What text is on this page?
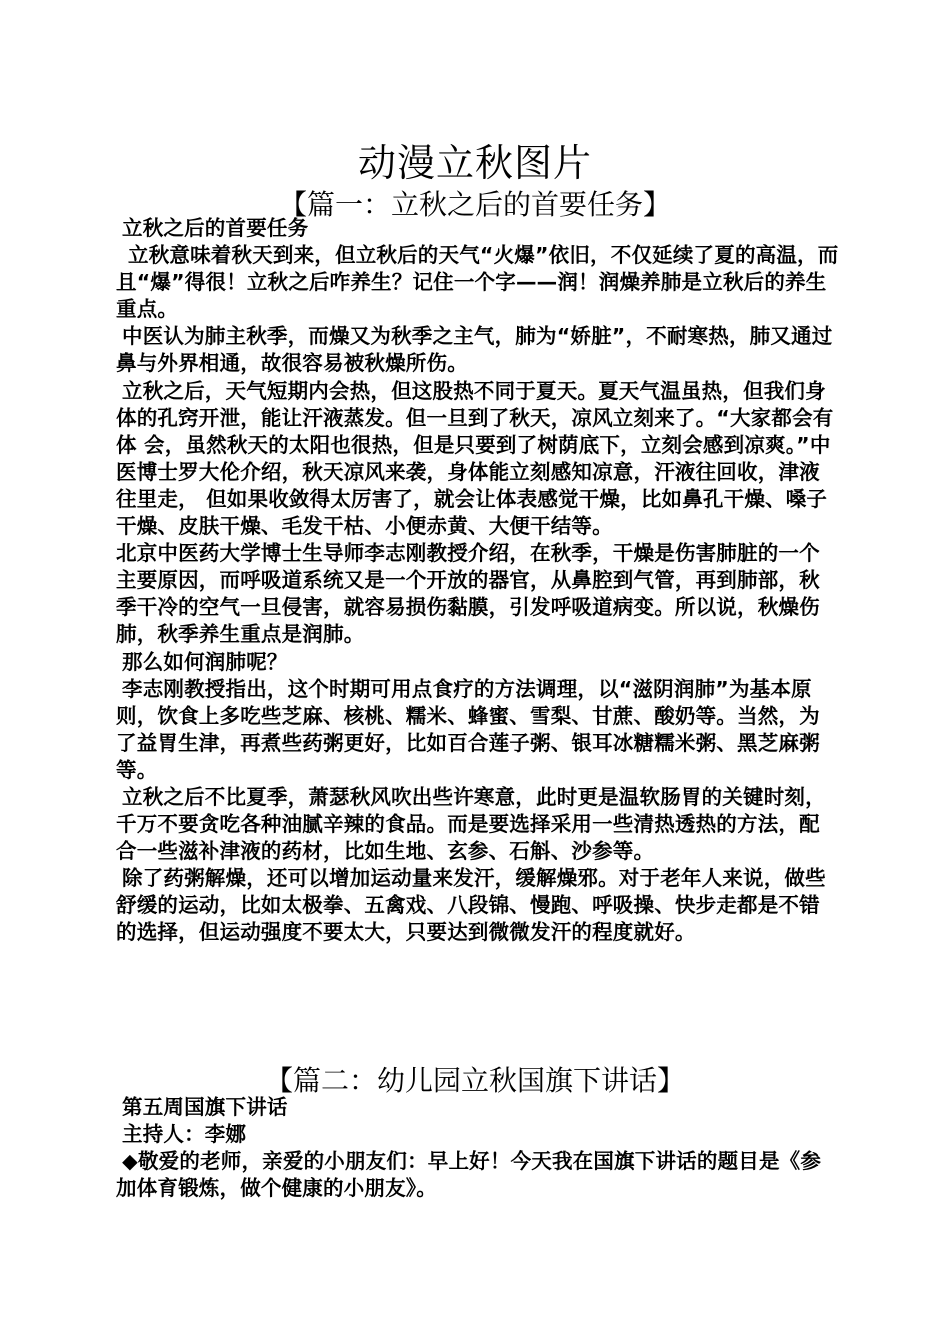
动漫立秋图片
【篇一：立秋之后的首要任务】

立秋之后的首要任务

立秋意味着秋天到来，但立秋后的天气“火爆”依旧，不仅延续了夏的高温，而且“爆”得很！立秋之后咋养生？记住一个字——润！润燥养肺是立秋后的养生重点。

中医认为肺主秋季，而燥又为秋季之主气，肺为“娇脏”，不耐寒热，肺又通过鼻与外界相通，故很容易被秋燥所伤。

立秋之后，天气短期内会热，但这股热不同于夏天。夏天气温虽热，但我们身体的孔窍开泄，能让汗液蒸发。但一旦到了秋天，凉风立刻来了。“大家都会有体 会，虽然秋天的太阳也很热，但是只要到了树荫底下，立刻会感到凉爽。”中医博士罗大伦介绍，秋天凉风来袭，身体能立刻感知凉意，汗液往回收，津液往里走， 但如果收敛得太厉害了，就会让体表感觉干燥，比如鼻孔干燥、嗓子干燥、皮肤干燥、毛发干枯、小便赤黄、大便干结等。

北京中医药大学博士生导师李志刚教授介绍，在秋季，干燥是伤害肺脏的一个主要原因，而呼吸道系统又是一个开放的器官，从鼻腔到气管，再到肺部，秋季干冷的空气一旦侵害，就容易损伤黏膜，引发呼吸道病变。所以说，秋燥伤肺，秋季养生重点是润肺。

那么如何润肺呢？

李志刚教授指出，这个时期可用点食疗的方法调理，以“滋阴润肺”为基本原则，饮食上多吃些芝麻、核桃、糯米、蜂蜜、雪梨、甘蔗、酸奶等。当然，为了益胃生津，再煮些药粥更好，比如百合莲子粥、银耳冰糖糯米粥、黑芝麻粥等。

立秋之后不比夏季，萧瑟秋风吹出些许寒意，此时更是温软肠胃的关键时刻，千万不要贪吃各种油腻辛辣的食品。而是要选择采用一些清热透热的方法，配合一些滋补津液的药材，比如生地、玄参、石斛、沙参等。

除了药粥解燥，还可以增加运动量来发汗，缓解燥邪。对于老年人来说，做些舒缓的运动，比如太极拳、五禽戏、八段锦、慢跑、呼吸操、快步走都是不错的选择，但运动强度不要太大，只要达到微微发汗的程度就好。

【篇二：幼儿园立秋国旗下讲话】

第五周国旗下讲话

主持人：李娜

◆敬爱的老师，亲爱的小朋友们：早上好！今天我在国旗下讲话的题目是《参加体育锻炼，做个健康的小朋友》。
